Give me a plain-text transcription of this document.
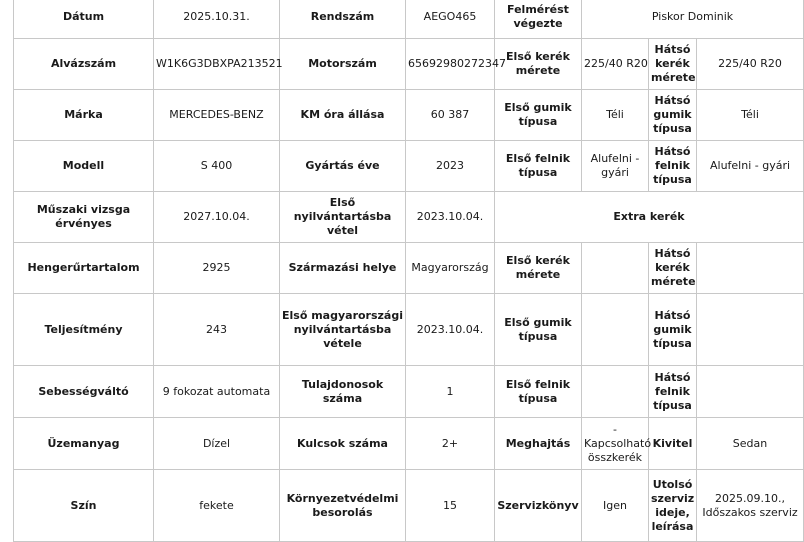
Dátum	2025.10.31.	Rendszám	AEGO465	Felmérést végezte	Piskor Dominik		
Alvázszám	W1K6G3DBXPA213521	Motorszám	65692980272347	Első kerék mérete	225/40 R20	Hátsó kerék mérete	225/40 R20
Márka	MERCEDES-BENZ	KM óra állása	60 387	Első gumik típusa	Téli	Hátsó gumik típusa	Téli
Modell	S 400	Gyártás éve	2023	Első felnik típusa	Alufelni - gyári	Hátsó felnik típusa	Alufelni - gyári
Műszaki vizsga érvényes	2027.10.04.	Első nyilvántartásba vétel	2023.10.04.	Extra kerék			
Hengerűrtartalom	2925	Származási helye	Magyarország	Első kerék mérete		Hátsó kerék mérete	
Teljesítmény	243	Első magyarországi nyilvántartásba vétele	2023.10.04.	Első gumik típusa		Hátsó gumik típusa	
Sebességváltó	9 fokozat automata	Tulajdonosok száma	1	Első felnik típusa		Hátsó felnik típusa	
Üzemanyag	Dízel	Kulcsok száma	2+	Meghajtás	- Kapcsolható összkerék	Kivitel	Sedan
Szín	fekete	Környezetvédelmi besorolás	15	Szervizkönyv	Igen	Utolsó szerviz ideje, leírása	2025.09.10., Időszakos szerviz
